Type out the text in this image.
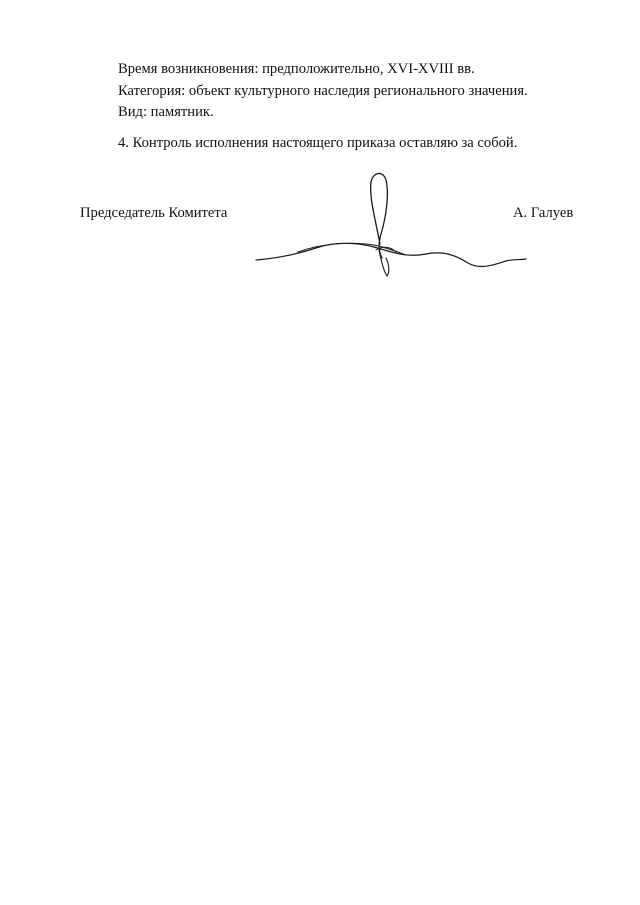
Время возникновения: предположительно, XVI-XVIII вв.
Категория: объект культурного наследия регионального значения.
Вид: памятник.
4. Контроль исполнения настоящего приказа оставляю за собой.
Председатель Комитета	А. Галуев
